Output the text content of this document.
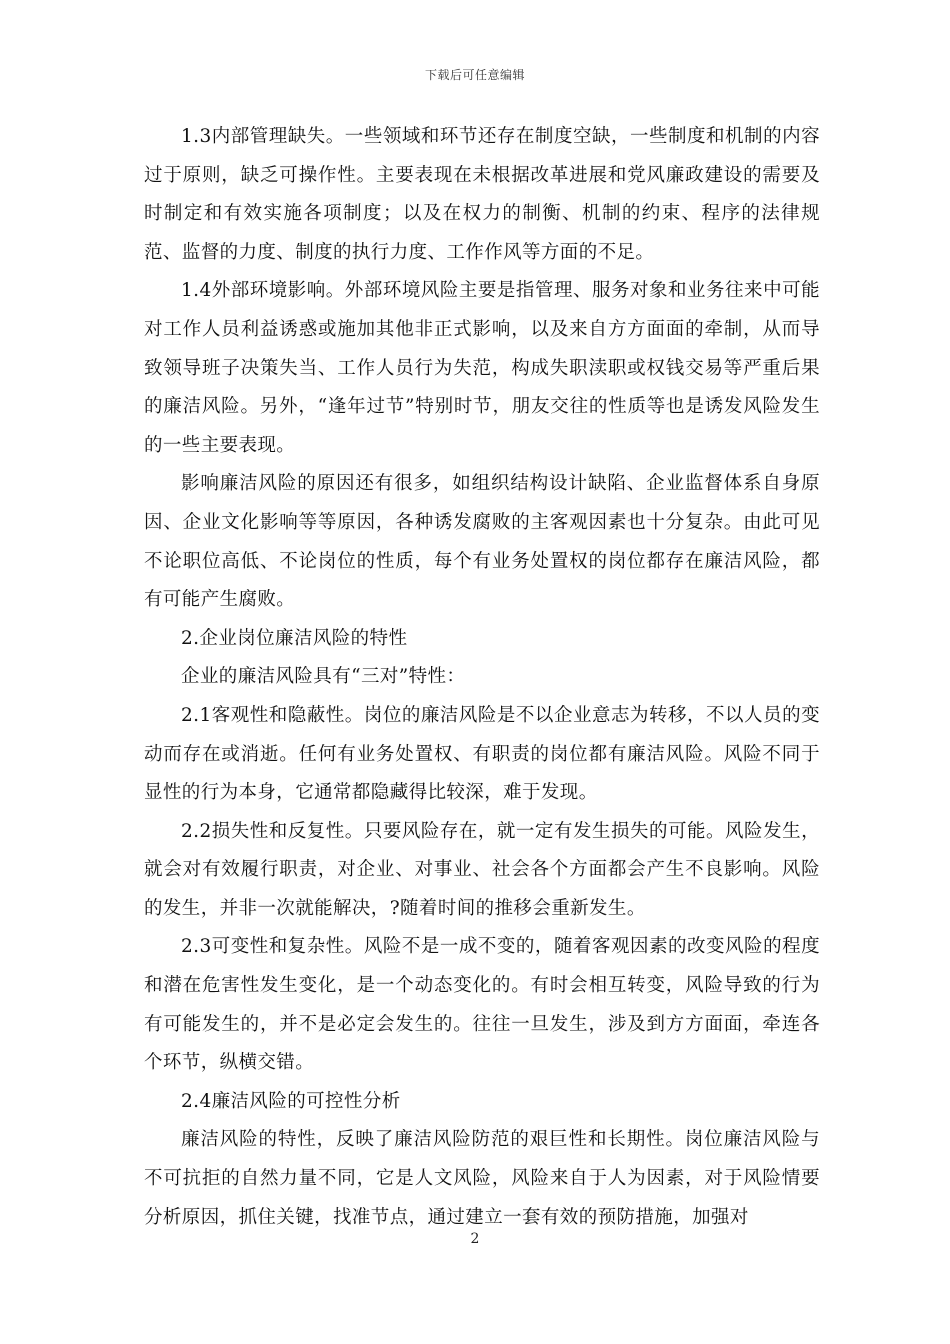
下载后可任意编辑

1.3内部管理缺失。一些领域和环节还存在制度空缺，一些制度和机制的内容过于原则，缺乏可操作性。主要表现在未根据改革进展和党风廉政建设的需要及时制定和有效实施各项制度；以及在权力的制衡、机制的约束、程序的法律规范、监督的力度、制度的执行力度、工作作风等方面的不足。

1.4外部环境影响。外部环境风险主要是指管理、服务对象和业务往来中可能对工作人员利益诱惑或施加其他非正式影响，以及来自方方面面的牵制，从而导致领导班子决策失当、工作人员行为失范，构成失职渎职或权钱交易等严重后果的廉洁风险。另外，“逢年过节”特别时节，朋友交往的性质等也是诱发风险发生的一些主要表现。

影响廉洁风险的原因还有很多，如组织结构设计缺陷、企业监督体系自身原因、企业文化影响等等原因，各种诱发腐败的主客观因素也十分复杂。由此可见不论职位高低、不论岗位的性质，每个有业务处置权的岗位都存在廉洁风险，都有可能产生腐败。

2.企业岗位廉洁风险的特性

企业的廉洁风险具有“三对”特性：

2.1客观性和隐蔽性。岗位的廉洁风险是不以企业意志为转移，不以人员的变动而存在或消逝。任何有业务处置权、有职责的岗位都有廉洁风险。风险不同于显性的行为本身，它通常都隐藏得比较深，难于发现。

2.2损失性和反复性。只要风险存在，就一定有发生损失的可能。风险发生，就会对有效履行职责，对企业、对事业、社会各个方面都会产生不良影响。风险的发生，并非一次就能解决，?随着时间的推移会重新发生。

2.3可变性和复杂性。风险不是一成不变的，随着客观因素的改变风险的程度和潜在危害性发生变化，是一个动态变化的。有时会相互转变，风险导致的行为有可能发生的，并不是必定会发生的。往往一旦发生，涉及到方方面面，牵连各个环节，纵横交错。

2.4廉洁风险的可控性分析

廉洁风险的特性，反映了廉洁风险防范的艰巨性和长期性。岗位廉洁风险与不可抗拒的自然力量不同，它是人文风险，风险来自于人为因素，对于风险情要分析原因，抓住关键，找准节点，通过建立一套有效的预防措施，加强对

2
